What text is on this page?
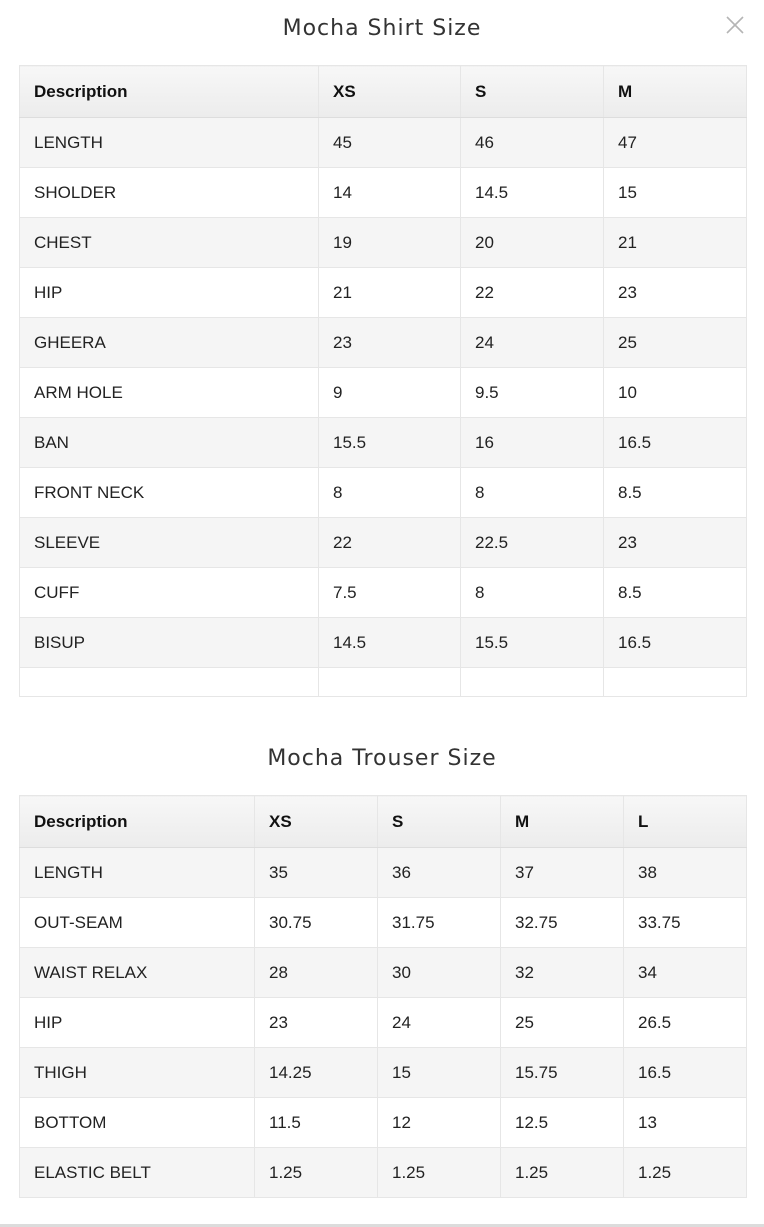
Mocha Shirt Size
Description	XS	S	M
LENGTH	45	46	47
SHOLDER	14	14.5	15
CHEST	19	20	21
HIP	21	22	23
GHEERA	23	24	25
ARM HOLE	9	9.5	10
BAN	15.5	16	16.5
FRONT NECK	8	8	8.5
SLEEVE	22	22.5	23
CUFF	7.5	8	8.5
BISUP	14.5	15.5	16.5

Mocha Trouser Size
Description	XS	S	M	L
LENGTH	35	36	37	38
OUT-SEAM	30.75	31.75	32.75	33.75
WAIST RELAX	28	30	32	34
HIP	23	24	25	26.5
THIGH	14.25	15	15.75	16.5
BOTTOM	11.5	12	12.5	13
ELASTIC BELT	1.25	1.25	1.25	1.25
